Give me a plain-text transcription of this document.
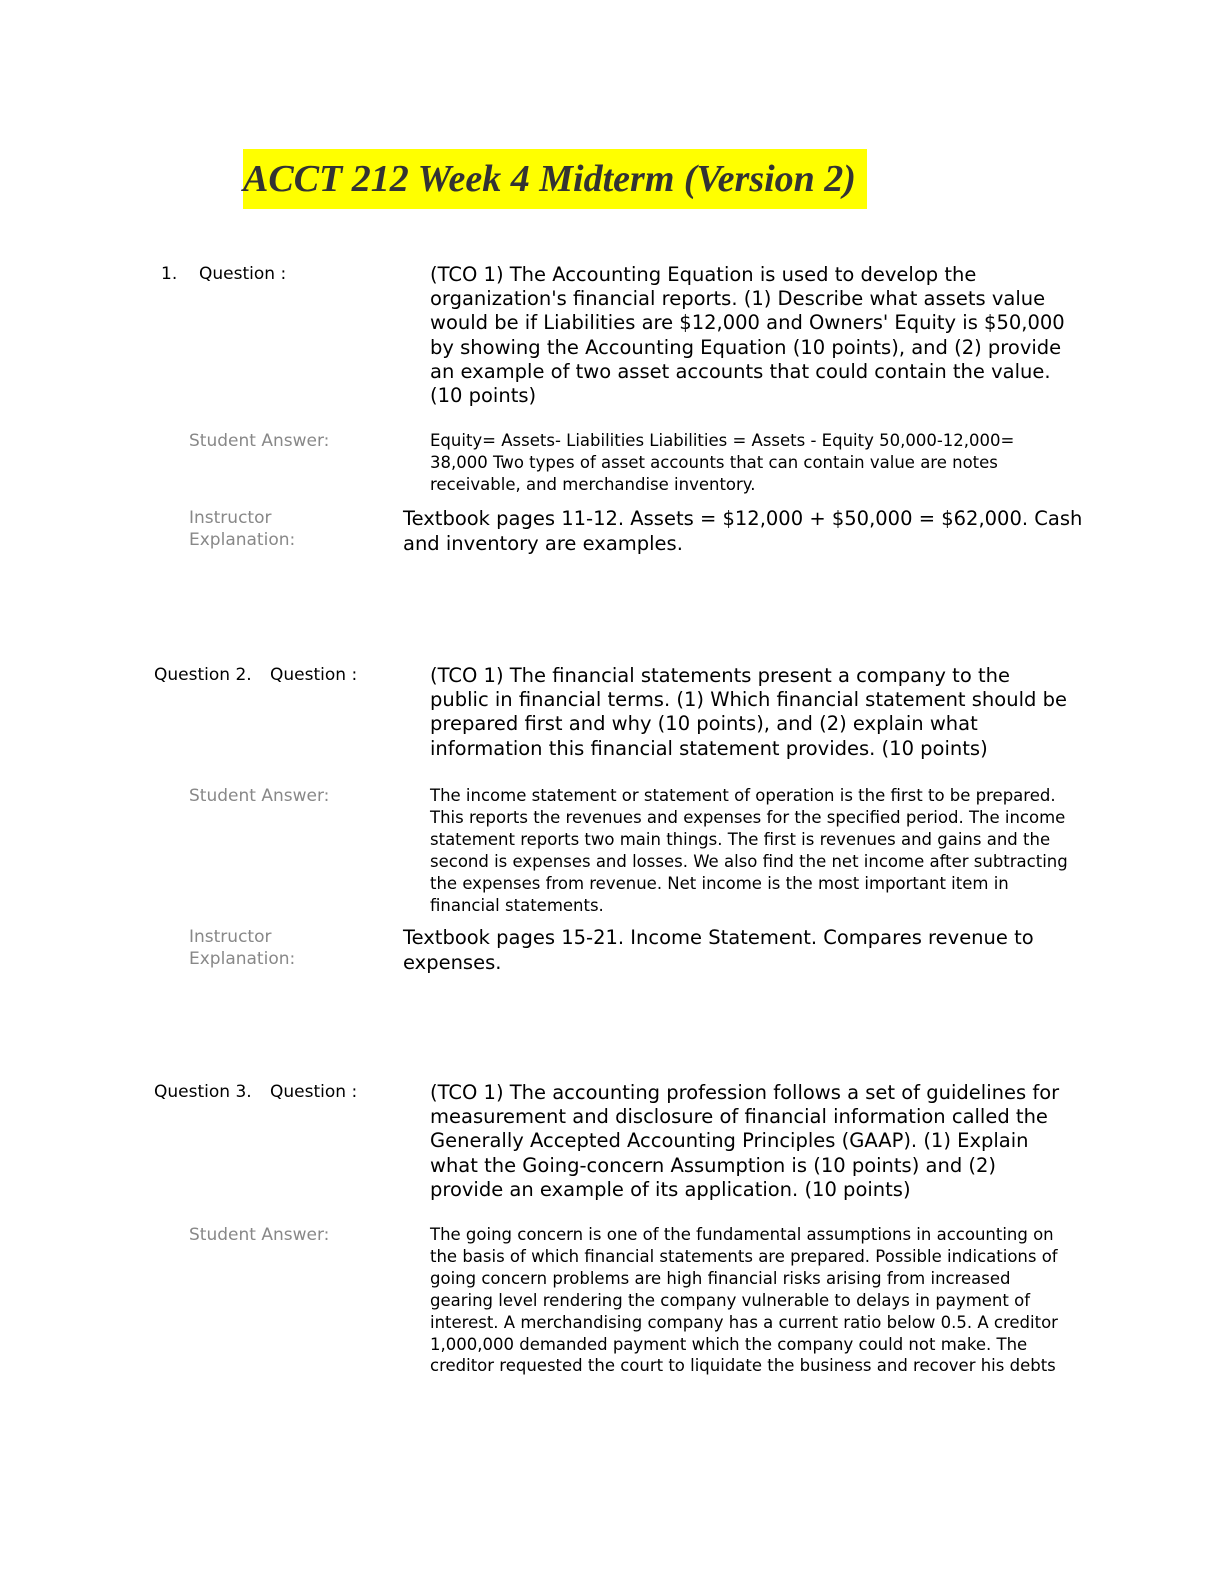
ACCT 212 Week 4 Midterm (Version 2)
1. Question :	(TCO 1) The Accounting Equation is used to develop the organization's financial reports. (1) Describe what assets value would be if Liabilities are $12,000 and Owners' Equity is $50,000 by showing the Accounting Equation (10 points), and (2) provide an example of two asset accounts that could contain the value. (10 points)
Student Answer:	Equity= Assets- Liabilities Liabilities = Assets - Equity 50,000-12,000= 38,000 Two types of asset accounts that can contain value are notes receivable, and merchandise inventory.
Instructor Explanation:
Textbook pages 11-12. Assets = $12,000 + $50,000 = $62,000. Cash and inventory are examples.
Question 2. Question :	(TCO 1) The financial statements present a company to the public in financial terms. (1) Which financial statement should be prepared first and why (10 points), and (2) explain what information this financial statement provides. (10 points)
Student Answer:	The income statement or statement of operation is the first to be prepared. This reports the revenues and expenses for the specified period. The income statement reports two main things. The first is revenues and gains and the second is expenses and losses. We also find the net income after subtracting the expenses from revenue. Net income is the most important item in financial statements.
Instructor Explanation:
Textbook pages 15-21. Income Statement. Compares revenue to expenses.
Question 3. Question :	(TCO 1) The accounting profession follows a set of guidelines for measurement and disclosure of financial information called the Generally Accepted Accounting Principles (GAAP). (1) Explain what the Going-concern Assumption is (10 points) and (2) provide an example of its application. (10 points)
Student Answer:	The going concern is one of the fundamental assumptions in accounting on the basis of which financial statements are prepared. Possible indications of going concern problems are high financial risks arising from increased gearing level rendering the company vulnerable to delays in payment of interest. A merchandising company has a current ratio below 0.5. A creditor 1,000,000 demanded payment which the company could not make. The creditor requested the court to liquidate the business and recover his debts
